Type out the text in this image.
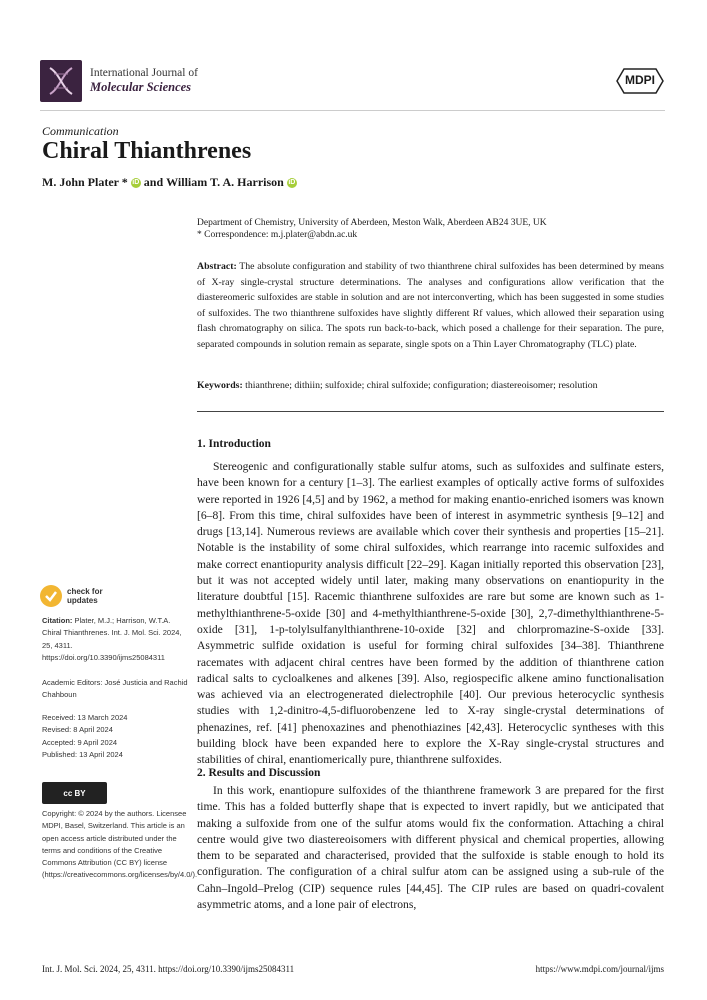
International Journal of
Molecular Sciences	MDPI
Communication
Chiral Thianthrenes
M. John Plater * iD and William T. A. Harrison iD
Department of Chemistry, University of Aberdeen, Meston Walk, Aberdeen AB24 3UE, UK
* Correspondence: m.j.plater@abdn.ac.uk
Abstract: The absolute configuration and stability of two thianthrene chiral sulfoxides has been determined by means of X-ray single-crystal structure determinations. The analyses and configurations allow verification that the diastereomeric sulfoxides are stable in solution and are not interconverting, which has been suggested in some studies of sulfoxides. The two thianthrene sulfoxides have slightly different Rf values, which allowed their separation using flash chromatography on silica. The spots run back-to-back, which posed a challenge for their separation. The pure, separated compounds in solution remain as separate, single spots on a Thin Layer Chromatography (TLC) plate.
Keywords: thianthrene; dithiin; sulfoxide; chiral sulfoxide; configuration; diastereoisomer; resolution
1. Introduction
Stereogenic and configurationally stable sulfur atoms, such as sulfoxides and sulfinate esters, have been known for a century [1–3]. The earliest examples of optically active forms of sulfoxides were reported in 1926 [4,5] and by 1962, a method for making enantio-enriched isomers was known [6–8]. From this time, chiral sulfoxides have been of interest in asymmetric synthesis [9–12] and drugs [13,14]. Numerous reviews are available which cover their synthesis and properties [15–21]. Notable is the instability of some chiral sulfoxides, which rearrange into racemic sulfoxides and make correct enantiopurity analysis difficult [22–29]. Kagan initially reported this observation [23], but it was not accepted widely until later, making many observations on enantiopurity in the literature doubtful [15]. Racemic thianthrene sulfoxides are rare but some are known such as 1-methylthianthrene-5-oxide [30] and 4-methylthianthrene-5-oxide [30], 2,7-dimethylthianthrene-5-oxide [31], 1-p-tolylsulfanylthianthrene-10-oxide [32] and chlorpromazine-S-oxide [33]. Asymmetric sulfide oxidation is useful for forming chiral sulfoxides [34–38]. Thianthrene racemates with adjacent chiral centres have been formed by the addition of thianthrene cation radical salts to cycloalkenes and alkenes [39]. Also, regiospecific alkene amino functionalisation was achieved via an electrogenerated dielectrophile [40]. Our previous heterocyclic synthesis studies with 1,2-dinitro-4,5-difluorobenzene led to X-ray single-crystal determinations of phenazines, ref. [41] phenoxazines and phenothiazines [42,43]. Heterocyclic syntheses with this building block have been expanded here to explore the X-Ray single-crystal structures and stabilities of chiral, enantiomerically pure, thianthrene sulfoxides.
2. Results and Discussion
In this work, enantiopure sulfoxides of the thianthrene framework 3 are prepared for the first time. This has a folded butterfly shape that is expected to invert rapidly, but we anticipated that making a sulfoxide from one of the sulfur atoms would fix the conformation. Attaching a chiral centre would give two diastereoisomers with different physical and chemical properties, allowing them to be separated and characterised, provided that the sulfoxide is stable enough to hold its configuration. The configuration of a chiral sulfur atom can be assigned using a sub-rule of the Cahn–Ingold–Prelog (CIP) sequence rules [44,45]. The CIP rules are based on quadri-covalent asymmetric atoms, and a lone pair of electrons,
check for updates
Citation: Plater, M.J.; Harrison, W.T.A. Chiral Thianthrenes. Int. J. Mol. Sci. 2024, 25, 4311. https://doi.org/10.3390/ijms25084311
Academic Editors: José Justicia and Rachid Chahboun
Received: 13 March 2024
Revised: 8 April 2024
Accepted: 9 April 2024
Published: 13 April 2024
cc BY
Copyright: © 2024 by the authors. Licensee MDPI, Basel, Switzerland. This article is an open access article distributed under the terms and conditions of the Creative Commons Attribution (CC BY) license (https://creativecommons.org/licenses/by/4.0/).
Int. J. Mol. Sci. 2024, 25, 4311. https://doi.org/10.3390/ijms25084311	https://www.mdpi.com/journal/ijms
